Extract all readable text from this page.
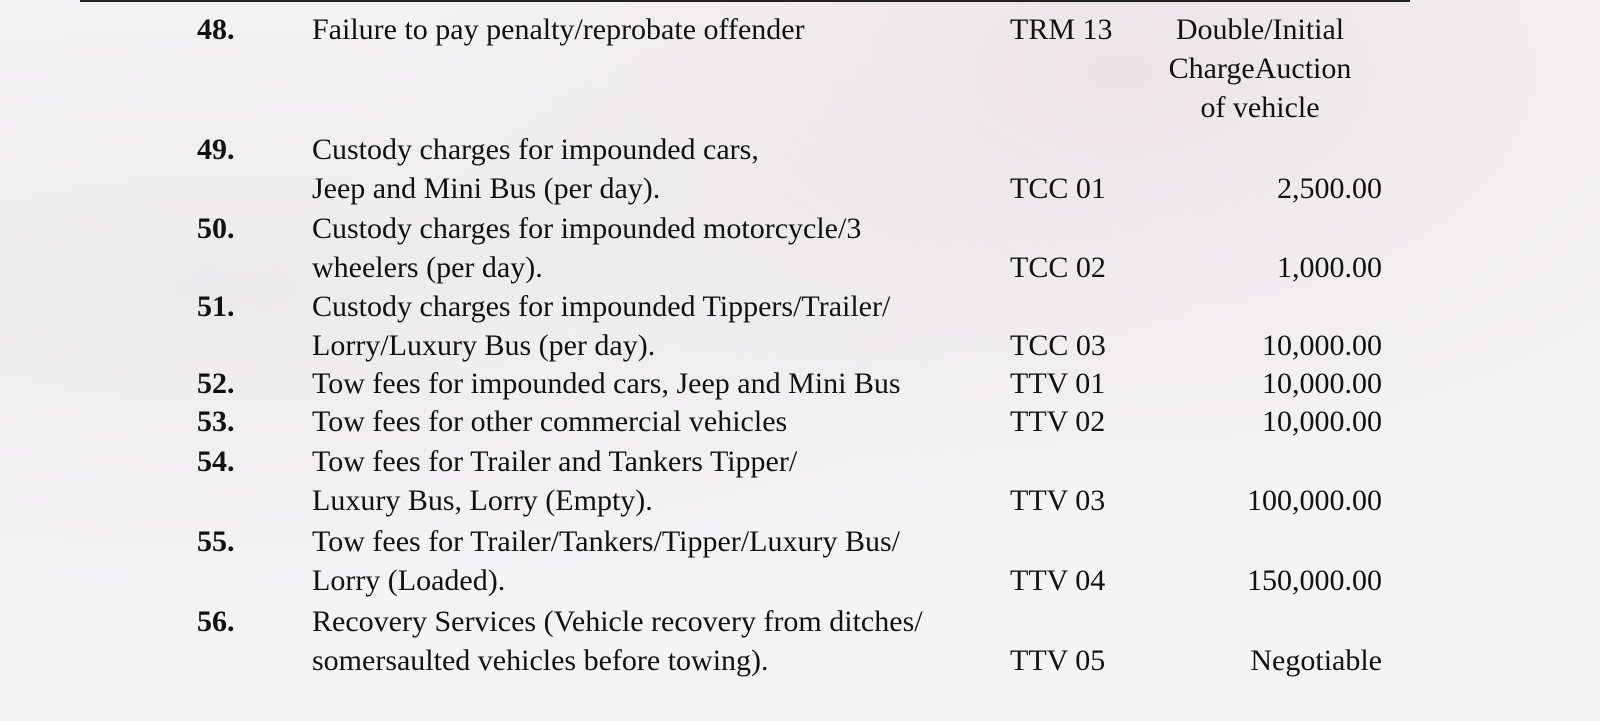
48.	Failure to pay penalty/reprobate offender	TRM 13	Double/Initial
ChargeAuction
of vehicle
49.	Custody charges for impounded cars,
Jeep and Mini Bus (per day).	TCC 01	2,500.00
50.	Custody charges for impounded motorcycle/3
wheelers (per day).	TCC 02	1,000.00
51.	Custody charges for impounded Tippers/Trailer/
Lorry/Luxury Bus (per day).	TCC 03	10,000.00
52.	Tow fees for impounded cars, Jeep and Mini Bus	TTV 01	10,000.00
53.	Tow fees for other commercial vehicles	TTV 02	10,000.00
54.	Tow fees for Trailer and Tankers Tipper/
Luxury Bus, Lorry (Empty).	TTV 03	100,000.00
55.	Tow fees for Trailer/Tankers/Tipper/Luxury Bus/
Lorry (Loaded).	TTV 04	150,000.00
56.	Recovery Services (Vehicle recovery from ditches/
somersaulted vehicles before towing).	TTV 05	Negotiable
